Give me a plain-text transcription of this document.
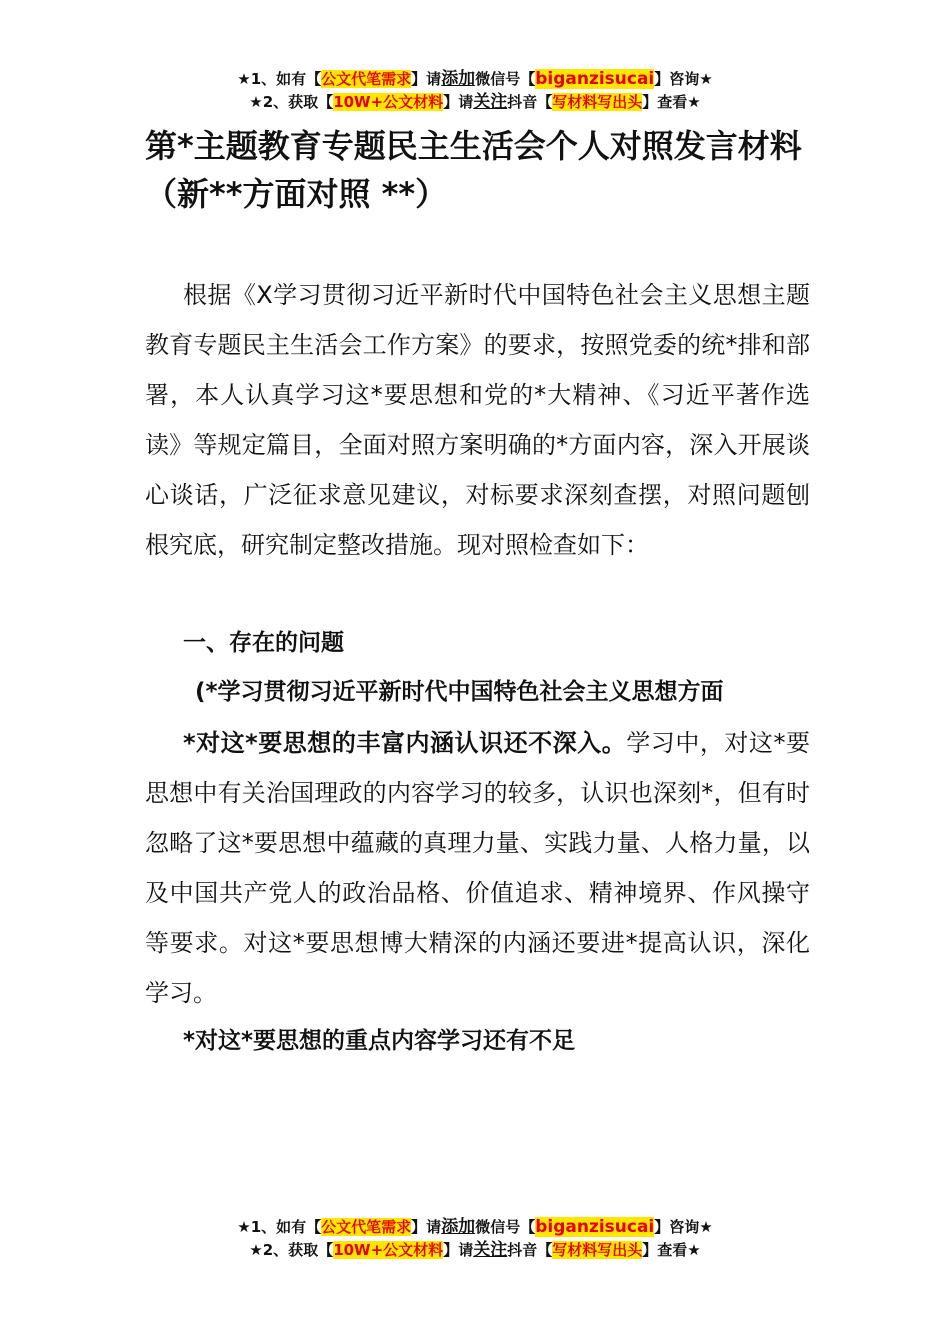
★1、如有【公文代笔需求】请添加微信号【biganzisucai】咨询★
★2、获取【10W+公文材料】请关注抖音【写材料写出头】查看★
第*主题教育专题民主生活会个人对照发言材料（新**方面对照 **）
根据《X学习贯彻习近平新时代中国特色社会主义思想主题教育专题民主生活会工作方案》的要求，按照党委的统*排和部署，本人认真学习这*要思想和党的*大精神、《习近平著作选读》等规定篇目，全面对照方案明确的*方面内容，深入开展谈心谈话，广泛征求意见建议，对标要求深刻查摆，对照问题刨根究底，研究制定整改措施。现对照检查如下：
一、存在的问题
(*学习贯彻习近平新时代中国特色社会主义思想方面
*对这*要思想的丰富内涵认识还不深入。学习中，对这*要思想中有关治国理政的内容学习的较多，认识也深刻*，但有时忽略了这*要思想中蕴藏的真理力量、实践力量、人格力量，以及中国共产党人的政治品格、价值追求、精神境界、作风操守等要求。对这*要思想博大精深的内涵还要进*提高认识，深化学习。
*对这*要思想的重点内容学习还有不足
★1、如有【公文代笔需求】请添加微信号【biganzisucai】咨询★
★2、获取【10W+公文材料】请关注抖音【写材料写出头】查看★
